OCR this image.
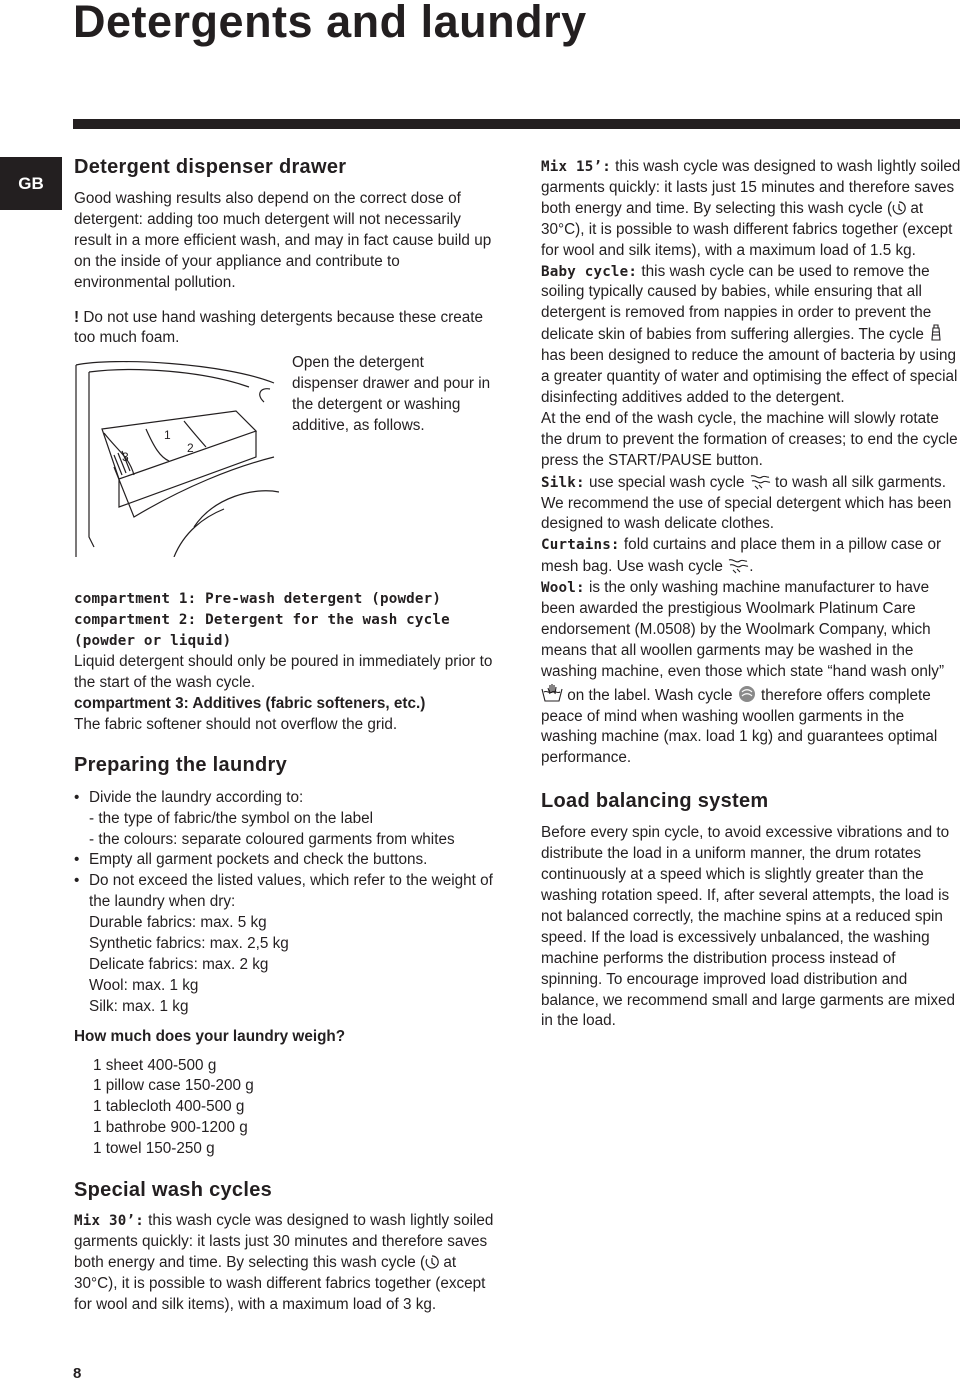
Detergents and laundry
GB
Detergent dispenser drawer

Good washing results also depend on the correct dose of detergent: adding too much detergent will not necessarily result in a more efficient wash, and may in fact cause build up on the inside of your appliance and contribute to environmental pollution.

! Do not use hand washing detergents because these create too much foam.

1
2
3

Open the detergent dispenser drawer and pour in the detergent or washing additive, as follows.

compartment 1: Pre-wash detergent (powder)

compartment 2: Detergent for the wash cycle (powder or liquid)

Liquid detergent should only be poured in immediately prior to the start of the wash cycle.

compartment 3: Additives (fabric softeners, etc.)

The fabric softener should not overflow the grid.

Preparing the laundry
• Divide the laundry according to:
- the type of fabric/the symbol on the label
- the colours: separate coloured garments from whites
• Empty all garment pockets and check the buttons.
• Do not exceed the listed values, which refer to the weight of the laundry when dry:
Durable fabrics: max. 5 kg
Synthetic fabrics: max. 2,5 kg
Delicate fabrics: max. 2 kg
Wool: max. 1 kg
Silk: max. 1 kg

How much does your laundry weigh?

1 sheet 400-500 g
1 pillow case 150-200 g
1 tablecloth 400-500 g
1 bathrobe 900-1200 g
1 towel 150-250 g
Special wash cycles

Mix 30’: this wash cycle was designed to wash lightly soiled garments quickly: it lasts just 30 minutes and therefore saves both energy and time. By selecting this wash cycle ( at 30°C), it is possible to wash different fabrics together (except for wool and silk items), with a maximum load of 3 kg.

Mix 15’: this wash cycle was designed to wash lightly soiled garments quickly: it lasts just 15 minutes and therefore saves both energy and time. By selecting this wash cycle ( at 30°C), it is possible to wash different fabrics together (except for wool and silk items), with a maximum load of 1.5 kg.

Baby cycle: this wash cycle can be used to remove the soiling typically caused by babies, while ensuring that all detergent is removed from nappies in order to prevent the delicate skin of babies from suffering allergies. The cycle  has been designed to reduce the amount of bacteria by using a greater quantity of water and optimising the effect of special disinfecting additives added to the detergent.

At the end of the wash cycle, the machine will slowly rotate the drum to prevent the formation of creases; to end the cycle press the START/PAUSE button.

Silk: use special wash cycle  to wash all silk garments. We recommend the use of special detergent which has been designed to wash delicate clothes.

Curtains: fold curtains and place them in a pillow case or mesh bag. Use wash cycle .

Wool: is the only washing machine manufacturer to have been awarded the prestigious Woolmark Platinum Care endorsement (M.0508) by the Woolmark Company, which means that all woollen garments may be washed in the washing machine, even those which state “hand wash only”  on the label. Wash cycle  therefore offers complete peace of mind when washing woollen garments in the washing machine (max. load 1 kg) and guarantees optimal performance.

Load balancing system

Before every spin cycle, to avoid excessive vibrations and to distribute the load in a uniform manner, the drum rotates continuously at a speed which is slightly greater than the washing rotation speed. If, after several attempts, the load is not balanced correctly, the machine spins at a reduced spin speed. If the load is excessively unbalanced, the washing machine performs the distribution process instead of spinning. To encourage improved load distribution and balance, we recommend small and large garments are mixed in the load.

8
